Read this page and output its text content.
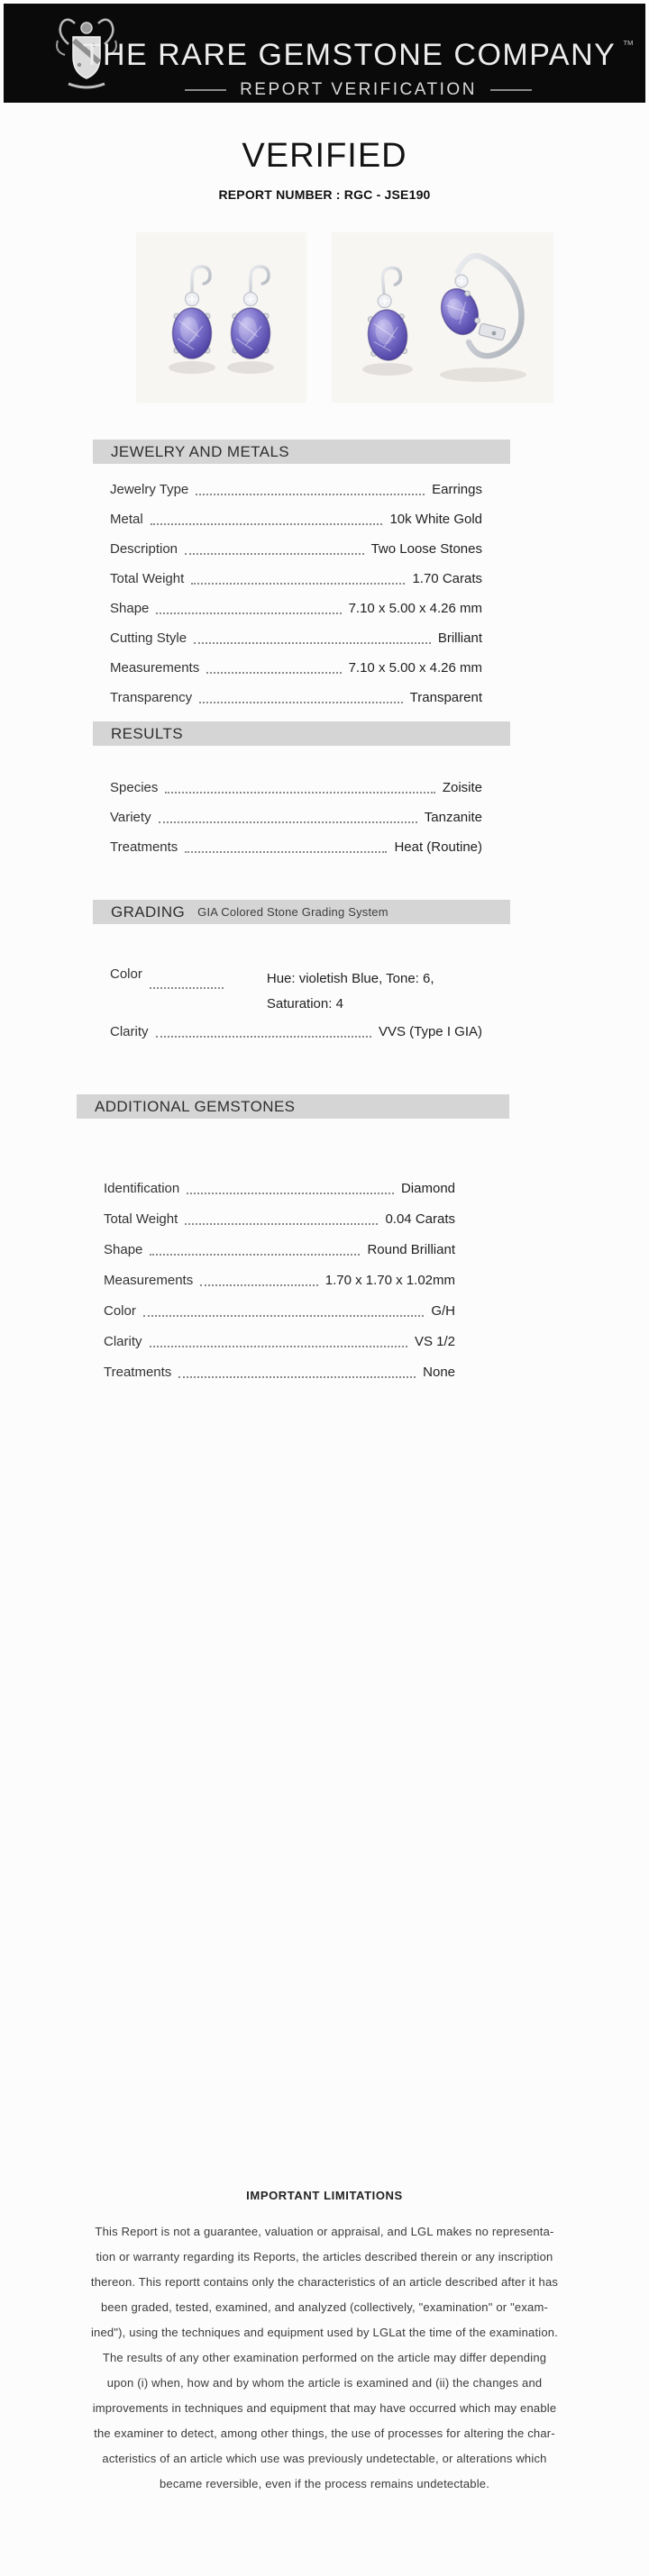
THE RARE GEMSTONE COMPANY ™
REPORT VERIFICATION
VERIFIED
REPORT NUMBER : RGC - JSE190
JEWELRY AND METALS
Jewelry Type	Earrings
Metal	10k White Gold
Description	Two Loose Stones
Total Weight	1.70 Carats
Shape	7.10 x 5.00 x 4.26 mm
Cutting Style	Brilliant
Measurements	7.10 x 5.00 x 4.26 mm
Transparency	Transparent
RESULTS
Species	Zoisite
Variety	Tanzanite
Treatments	Heat (Routine)
GRADING GIA Colored Stone Grading System
Color	Hue: violetish Blue, Tone: 6,
Saturation: 4
Clarity	VVS (Type I GIA)
ADDITIONAL GEMSTONES
Identification	Diamond
Total Weight	0.04 Carats
Shape	Round Brilliant
Measurements	1.70 x 1.70 x 1.02mm
Color	G/H
Clarity	VS 1/2
Treatments	None
IMPORTANT LIMITATIONS
This Report is not a guarantee, valuation or appraisal, and LGL makes no representa-
tion or warranty regarding its Reports, the articles described therein or any inscription
thereon. This reportt contains only the characteristics of an article described after it has
been graded, tested, examined, and analyzed (collectively, "examination" or "exam-
ined"), using the techniques and equipment used by LGLat the time of the examination.
The results of any other examination performed on the article may differ depending
upon (i) when, how and by whom the article is examined and (ii) the changes and
improvements in techniques and equipment that may have occurred which may enable
the examiner to detect, among other things, the use of processes for altering the char-
acteristics of an article which use was previously undetectable, or alterations which
became reversible, even if the process remains undetectable.
